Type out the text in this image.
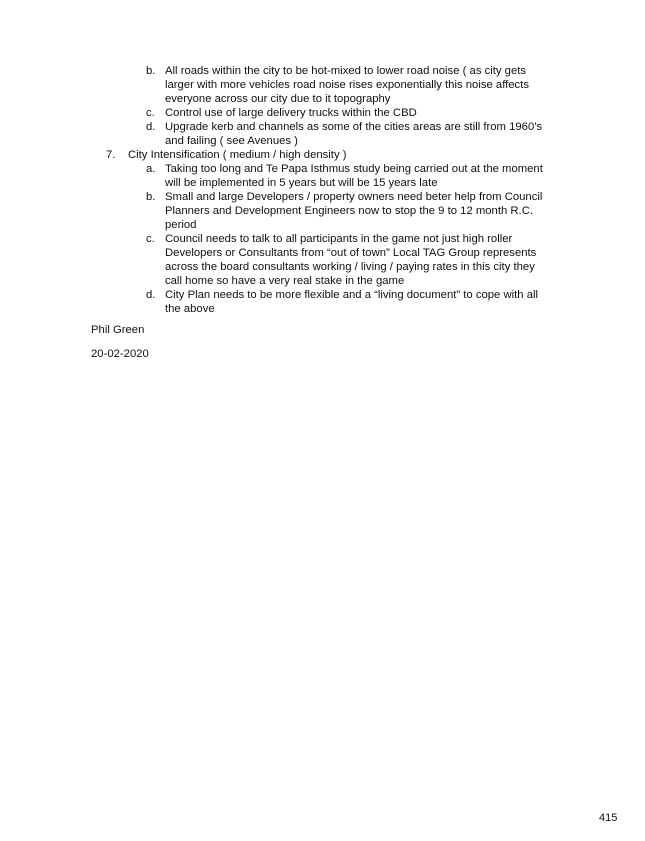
b. All roads within the city to be hot-mixed to lower road noise ( as city gets
larger with more vehicles road noise rises exponentially this noise affects
everyone across our city due to it topography
c. Control use of large delivery trucks within the CBD
d. Upgrade kerb and channels as some of the cities areas are still from 1960’s
and failing ( see Avenues )
7.	City Intensification ( medium / high density )
a. Taking too long and Te Papa Isthmus study being carried out at the moment
will be implemented in 5 years but will be 15 years late
b. Small and large Developers / property owners need beter help from Council
Planners and Development Engineers now to stop the 9 to 12 month R.C.
period
c. Council needs to talk to all participants in the game not just high roller
Developers or Consultants from “out of town” Local TAG Group represents
across the board consultants working / living / paying rates in this city they
call home so have a very real stake in the game
d. City Plan needs to be more flexible and a “living document” to cope with all
the above
Phil Green
20-02-2020
415
